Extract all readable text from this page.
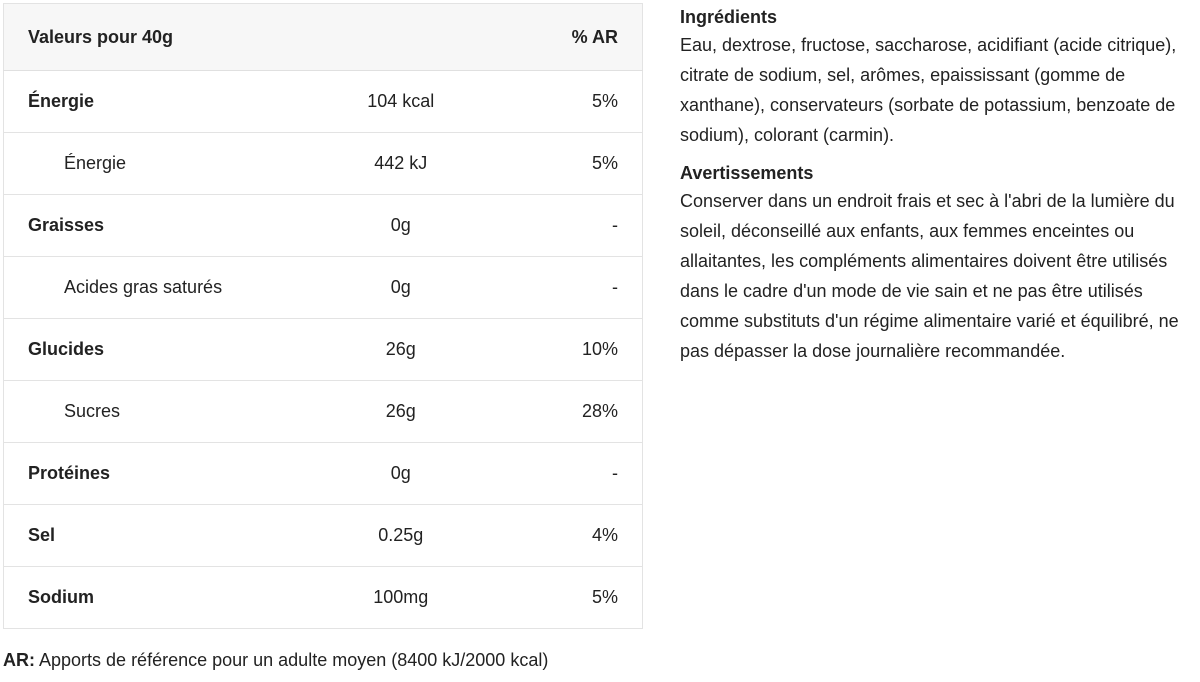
Valeurs pour 40g		% AR
Énergie	104 kcal	5%
Énergie	442 kJ	5%
Graisses	0g	-
Acides gras saturés	0g	-
Glucides	26g	10%
Sucres	26g	28%
Protéines	0g	-
Sel	0.25g	4%
Sodium	100mg	5%
AR: Apports de référence pour un adulte moyen (8400 kJ/2000 kcal)
Ingrédients

Eau, dextrose, fructose, saccharose, acidifiant (acide citrique), citrate de sodium, sel, arômes, epaississant (gomme de xanthane), conservateurs (sorbate de potassium, benzoate de sodium), colorant (carmin).

Avertissements

Conserver dans un endroit frais et sec à l'abri de la lumière du soleil, déconseillé aux enfants, aux femmes enceintes ou allaitantes, les compléments alimentaires doivent être utilisés dans le cadre d'un mode de vie sain et ne pas être utilisés comme substituts d'un régime alimentaire varié et équilibré, ne pas dépasser la dose journalière recommandée.
